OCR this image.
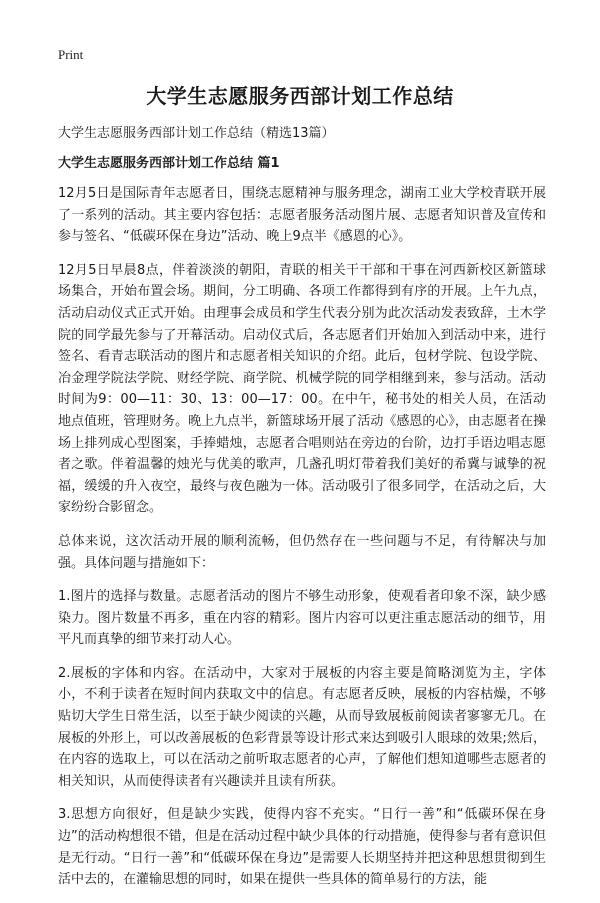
Print
大学生志愿服务西部计划工作总结
大学生志愿服务西部计划工作总结（精选13篇）
大学生志愿服务西部计划工作总结 篇1

12月5日是国际青年志愿者日，围绕志愿精神与服务理念，湖南工业大学校青联开展了一系列的活动。其主要内容包括：志愿者服务活动图片展、志愿者知识普及宣传和参与签名、“低碳环保在身边”活动、晚上9点半《感恩的心》。

12月5日早晨8点，伴着淡淡的朝阳，青联的相关干干部和干事在河西新校区新篮球场集合，开始布置会场。期间，分工明确、各项工作都得到有序的开展。上午九点，活动启动仪式正式开始。由理事会成员和学生代表分别为此次活动发表致辞，土木学院的同学最先参与了开幕活动。启动仪式后，各志愿者们开始加入到活动中来，进行签名、看青志联活动的图片和志愿者相关知识的介绍。此后，包材学院、包设学院、冶金理学院法学院、财经学院、商学院、机械学院的同学相继到来，参与活动。活动时间为9：00—11：30、13：00—17：00。在中午，秘书处的相关人员，在活动地点值班，管理财务。晚上九点半，新篮球场开展了活动《感恩的心》，由志愿者在操场上排列成心型图案，手捧蜡烛，志愿者合唱则站在旁边的台阶，边打手语边唱志愿者之歌。伴着温馨的烛光与优美的歌声，几盏孔明灯带着我们美好的希冀与诚挚的祝福，缓缓的升入夜空，最终与夜色融为一体。活动吸引了很多同学，在活动之后，大家纷纷合影留念。

总体来说，这次活动开展的顺利流畅，但仍然存在一些问题与不足，有待解决与加强。具体问题与措施如下：

1.图片的选择与数量。志愿者活动的图片不够生动形象，使观看者印象不深，缺少感染力。图片数量不再多，重在内容的精彩。图片内容可以更注重志愿活动的细节，用平凡而真挚的细节来打动人心。

2.展板的字体和内容。在活动中，大家对于展板的内容主要是简略浏览为主，字体小，不利于读者在短时间内获取文中的信息。有志愿者反映，展板的内容枯燥，不够贴切大学生日常生活，以至于缺少阅读的兴趣，从而导致展板前阅读者寥寥无几。在展板的外形上，可以改善展板的色彩背景等设计形式来达到吸引人眼球的效果;然后，在内容的选取上，可以在活动之前听取志愿者的心声，了解他们想知道哪些志愿者的相关知识，从而使得读者有兴趣读并且读有所获。

3.思想方向很好，但是缺少实践，使得内容不充实。“日行一善”和“低碳环保在身边”的活动构想很不错，但是在活动过程中缺少具体的行动措施，使得参与者有意识但是无行动。“日行一善”和“低碳环保在身边”是需要人长期坚持并把这种思想贯彻到生活中去的，在灌输思想的同时，如果在提供一些具体的简单易行的方法，能
